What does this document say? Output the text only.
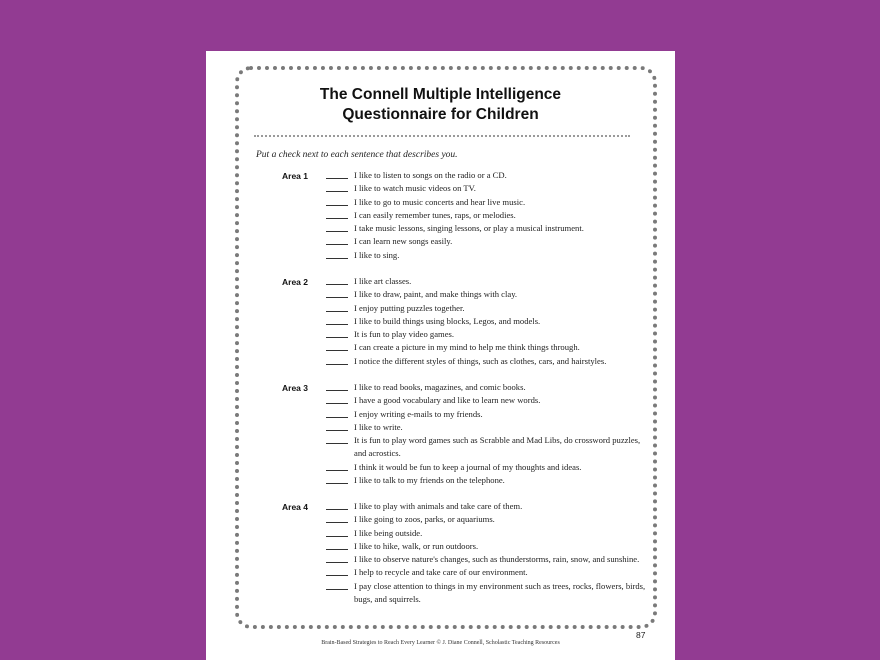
The Connell Multiple Intelligence
Questionnaire for Children
Put a check next to each sentence that describes you.
Area 1	I like to listen to songs on the radio or a CD.
I like to watch music videos on TV.
I like to go to music concerts and hear live music.
I can easily remember tunes, raps, or melodies.
I take music lessons, singing lessons, or play a musical instrument.
I can learn new songs easily.
I like to sing.
Area 2	I like art classes.
I like to draw, paint, and make things with clay.
I enjoy putting puzzles together.
I like to build things using blocks, Legos, and models.
It is fun to play video games.
I can create a picture in my mind to help me think things through.
I notice the different styles of things, such as clothes, cars, and hairstyles.
Area 3	I like to read books, magazines, and comic books.
I have a good vocabulary and like to learn new words.
I enjoy writing e-mails to my friends.
I like to write.
It is fun to play word games such as Scrabble and Mad Libs, do crossword puzzles, and acrostics.
I think it would be fun to keep a journal of my thoughts and ideas.
I like to talk to my friends on the telephone.
Area 4	I like to play with animals and take care of them.
I like going to zoos, parks, or aquariums.
I like being outside.
I like to hike, walk, or run outdoors.
I like to observe nature's changes, such as thunderstorms, rain, snow, and sunshine.
I help to recycle and take care of our environment.
I pay close attention to things in my environment such as trees, rocks, flowers, birds, bugs, and squirrels.
87
Brain-Based Strategies to Reach Every Learner © J. Diane Connell, Scholastic Teaching Resources
